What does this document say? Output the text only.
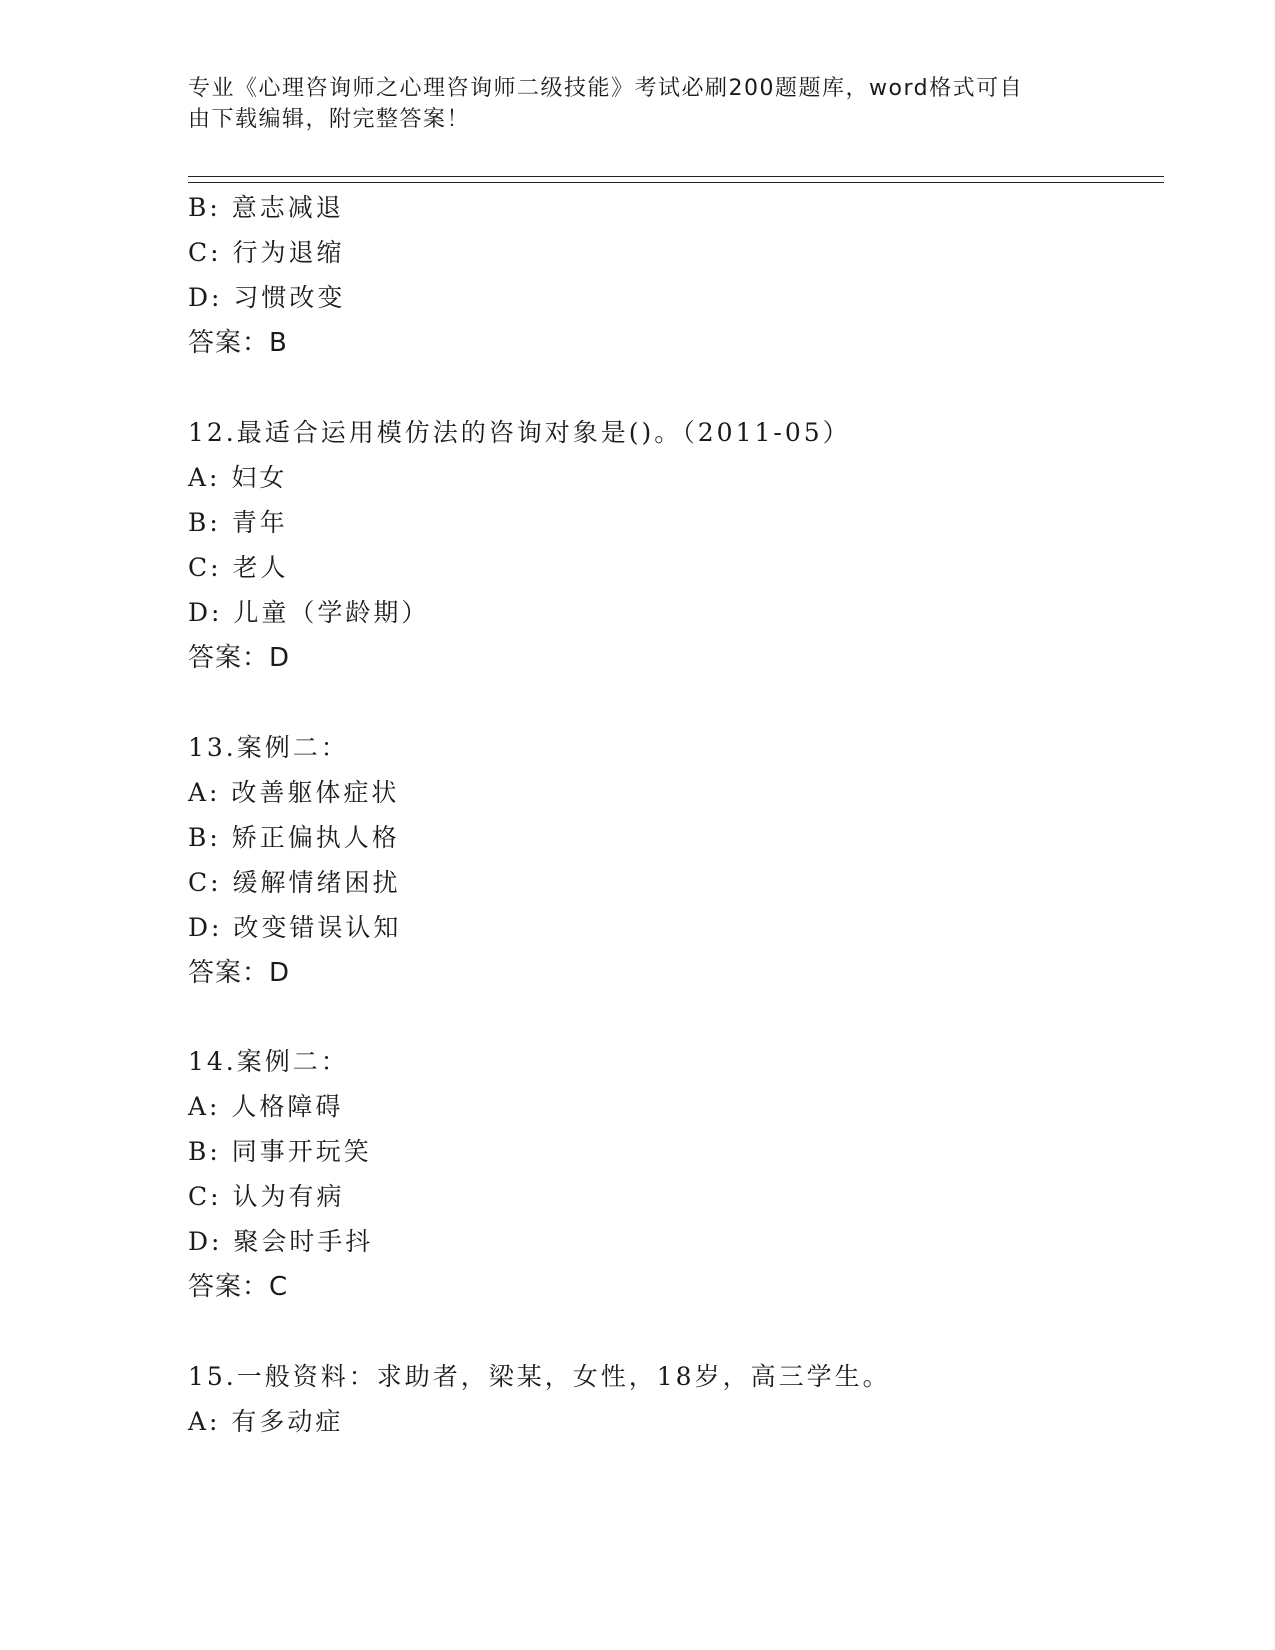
专业《心理咨询师之心理咨询师二级技能》考试必刷200题题库，word格式可自
由下载编辑，附完整答案！
B: 意志减退
C: 行为退缩
D: 习惯改变
答案：B
12.最适合运用模仿法的咨询对象是()。（2011-05）
A: 妇女
B: 青年
C: 老人
D: 儿童（学龄期）
答案：D
13.案例二：
A: 改善躯体症状
B: 矫正偏执人格
C: 缓解情绪困扰
D: 改变错误认知
答案：D
14.案例二：
A: 人格障碍
B: 同事开玩笑
C: 认为有病
D: 聚会时手抖
答案：C
15.一般资料：求助者，梁某，女性，18岁，高三学生。
A: 有多动症
